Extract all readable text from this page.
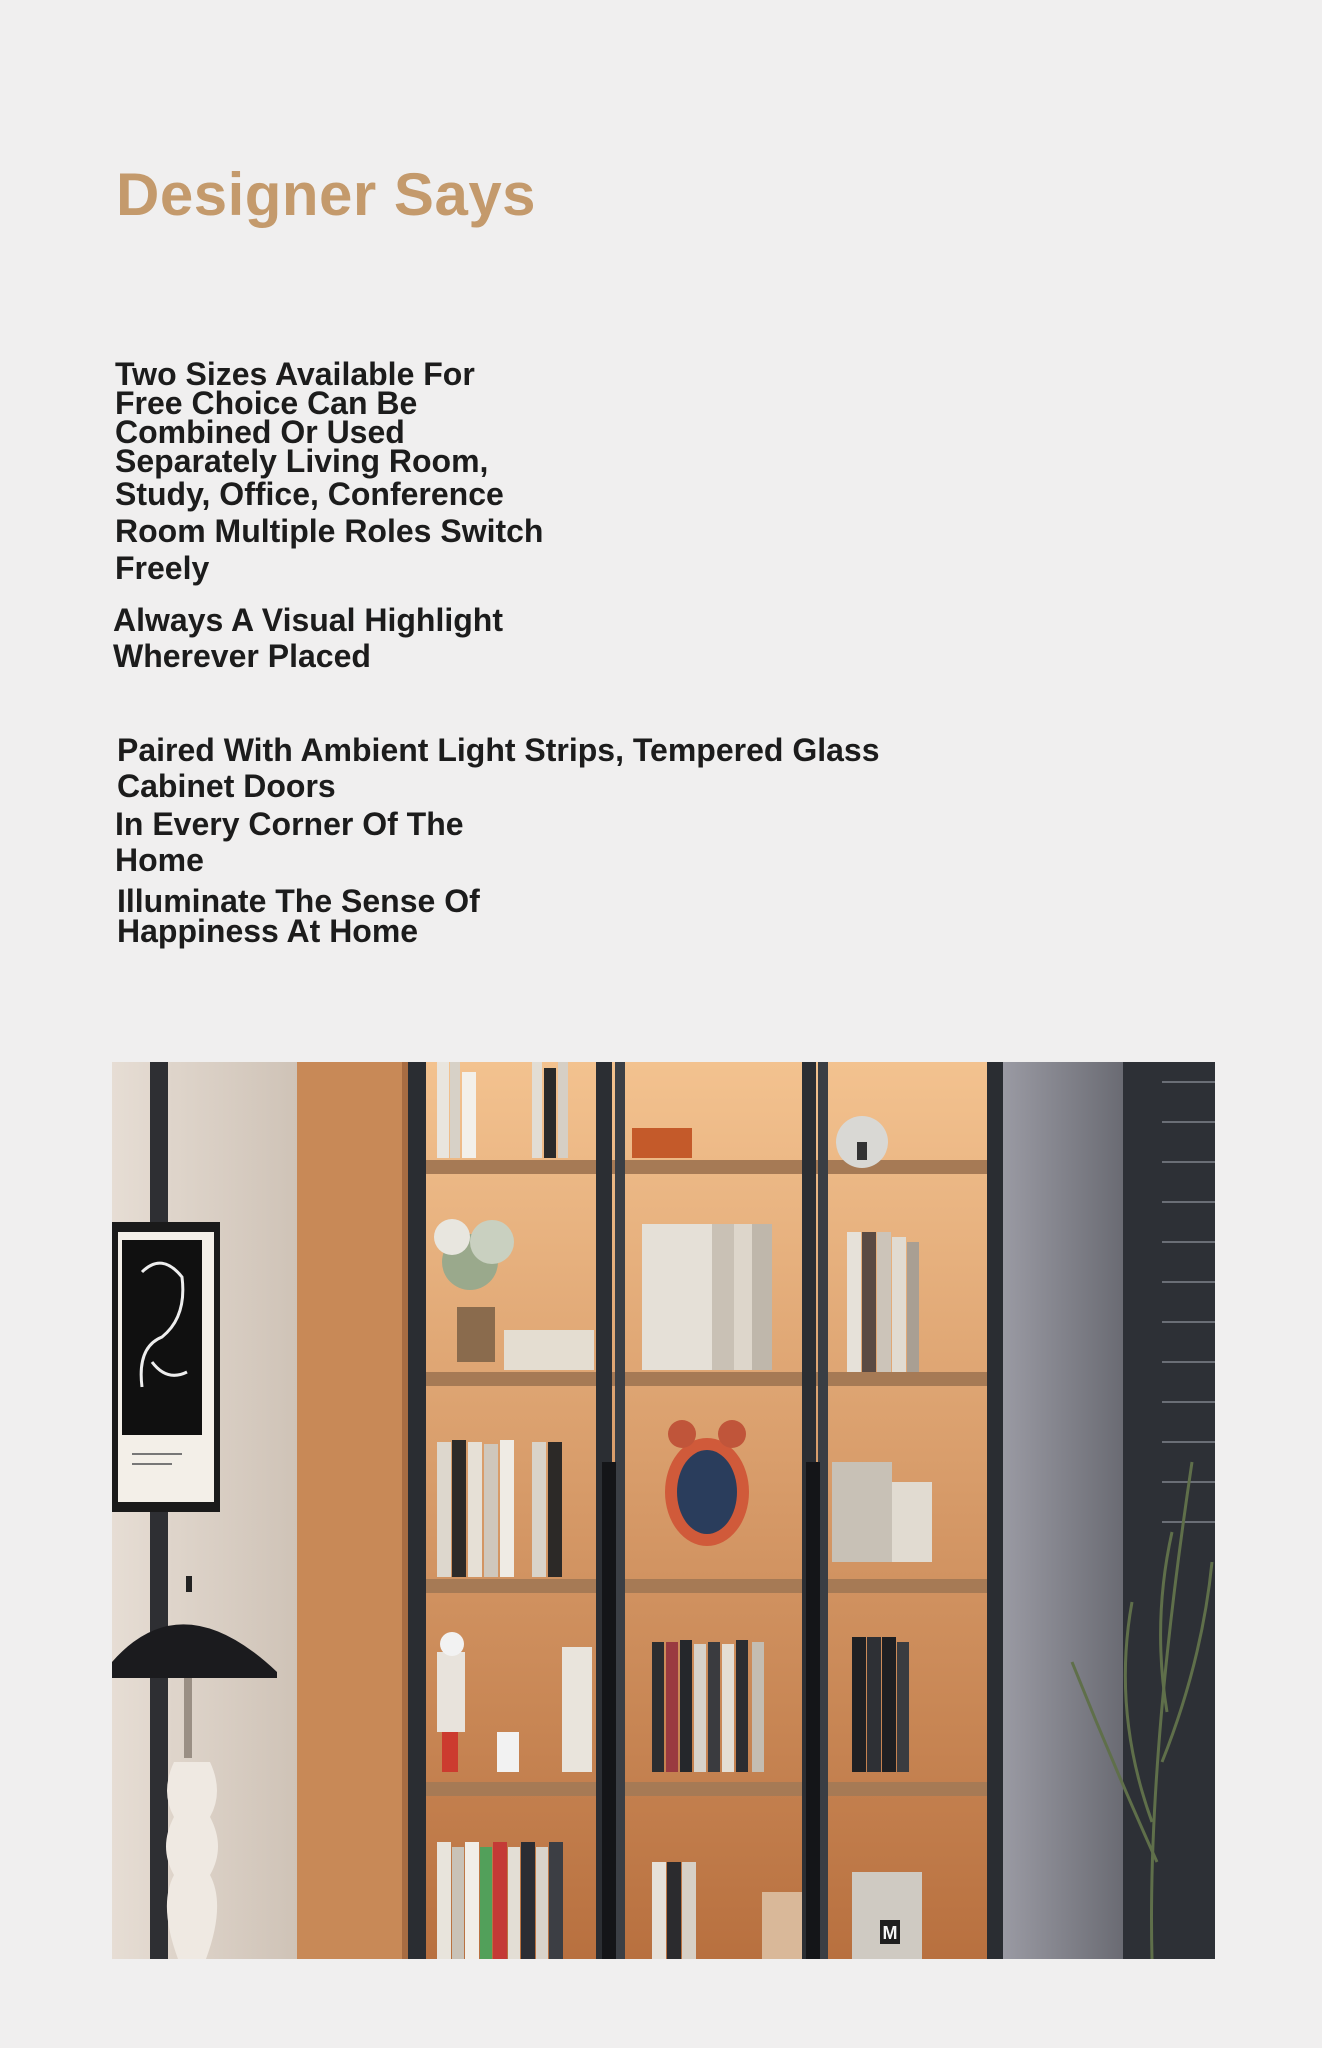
Designer Says
Two Sizes Available For
Free Choice Can Be
Combined Or Used
Separately Living Room,
Study, Office, Conference
Room Multiple Roles Switch
Freely
Always A Visual Highlight
Wherever Placed
Paired With Ambient Light Strips, Tempered Glass
Cabinet Doors
In Every Corner Of The
Home
Illuminate The Sense Of
Happiness At Home
M
